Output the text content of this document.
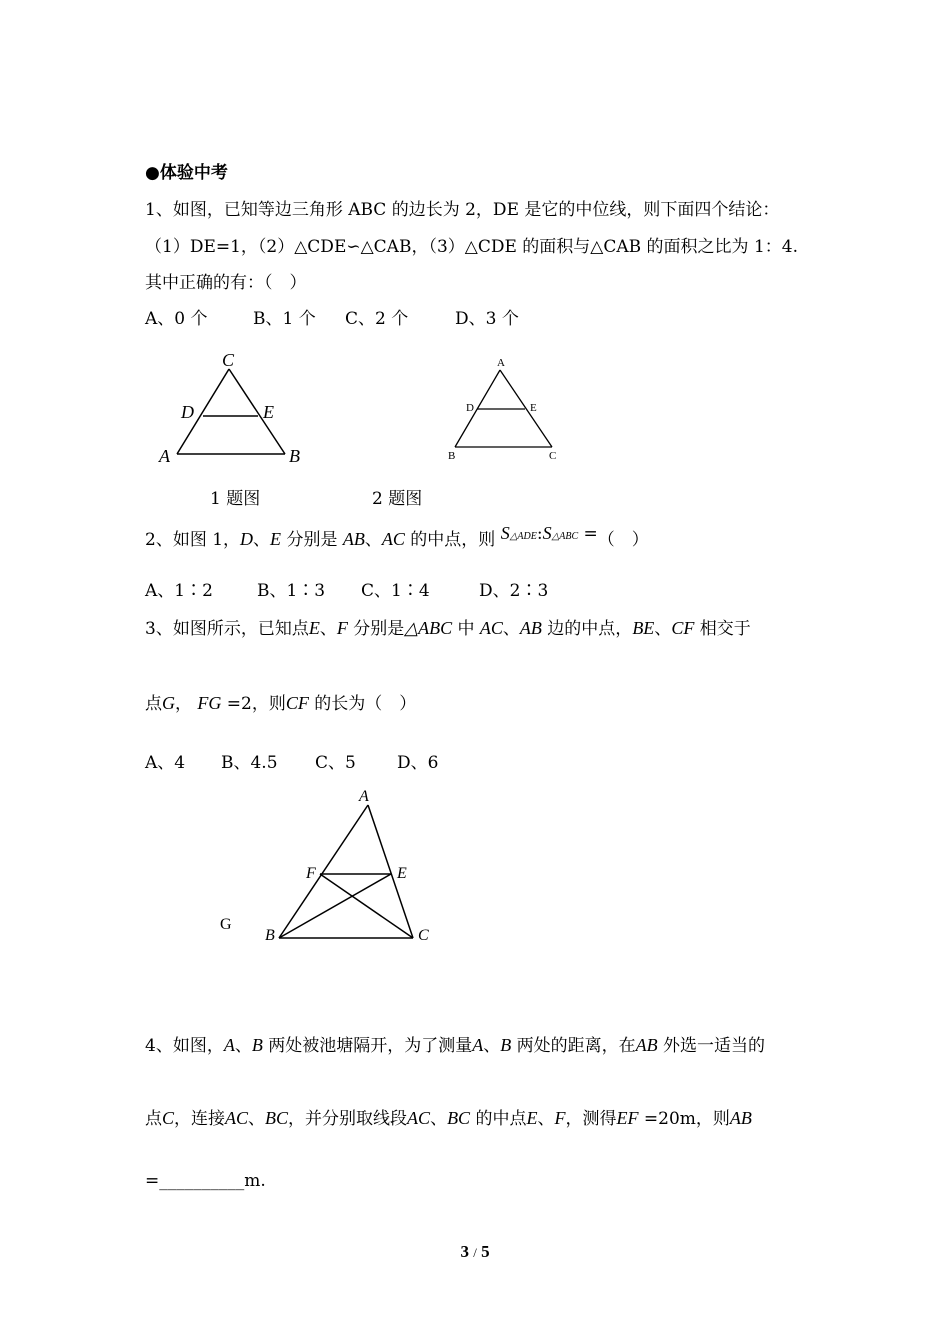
●体验中考
1、如图，已知等边三角形 ABC 的边长为 2，DE 是它的中位线，则下面四个结论：
（1）DE=1，（2）△CDE∽△CAB，（3）△CDE 的面积与△CAB 的面积之比为 1：4.
其中正确的有：（　）
A、0 个	B、1 个 C、2 个	D、3 个
C
D	E
A	B
A
D	E
B	C
1 题图	2 题图
2、如图 1，D、E 分别是 AB、AC 的中点，则 S△ADE:S△ABC =（　）
A、1∶2	B、1∶3 C、1∶4	D、2∶3
3、如图所示，已知点E、F 分别是△ABC 中 AC、AB 边的中点，BE、CF 相交于
点G， FG =2，则CF 的长为（　）
A、4 B、4.5 C、5 D、6
A
F	E
B	C
G
4、如图，A、B 两处被池塘隔开，为了测量A、B 两处的距离，在AB 外选一适当的
点C，连接AC、BC，并分别取线段AC、BC 的中点E、F，测得EF =20m，则AB
=__________m.
3 / 5
